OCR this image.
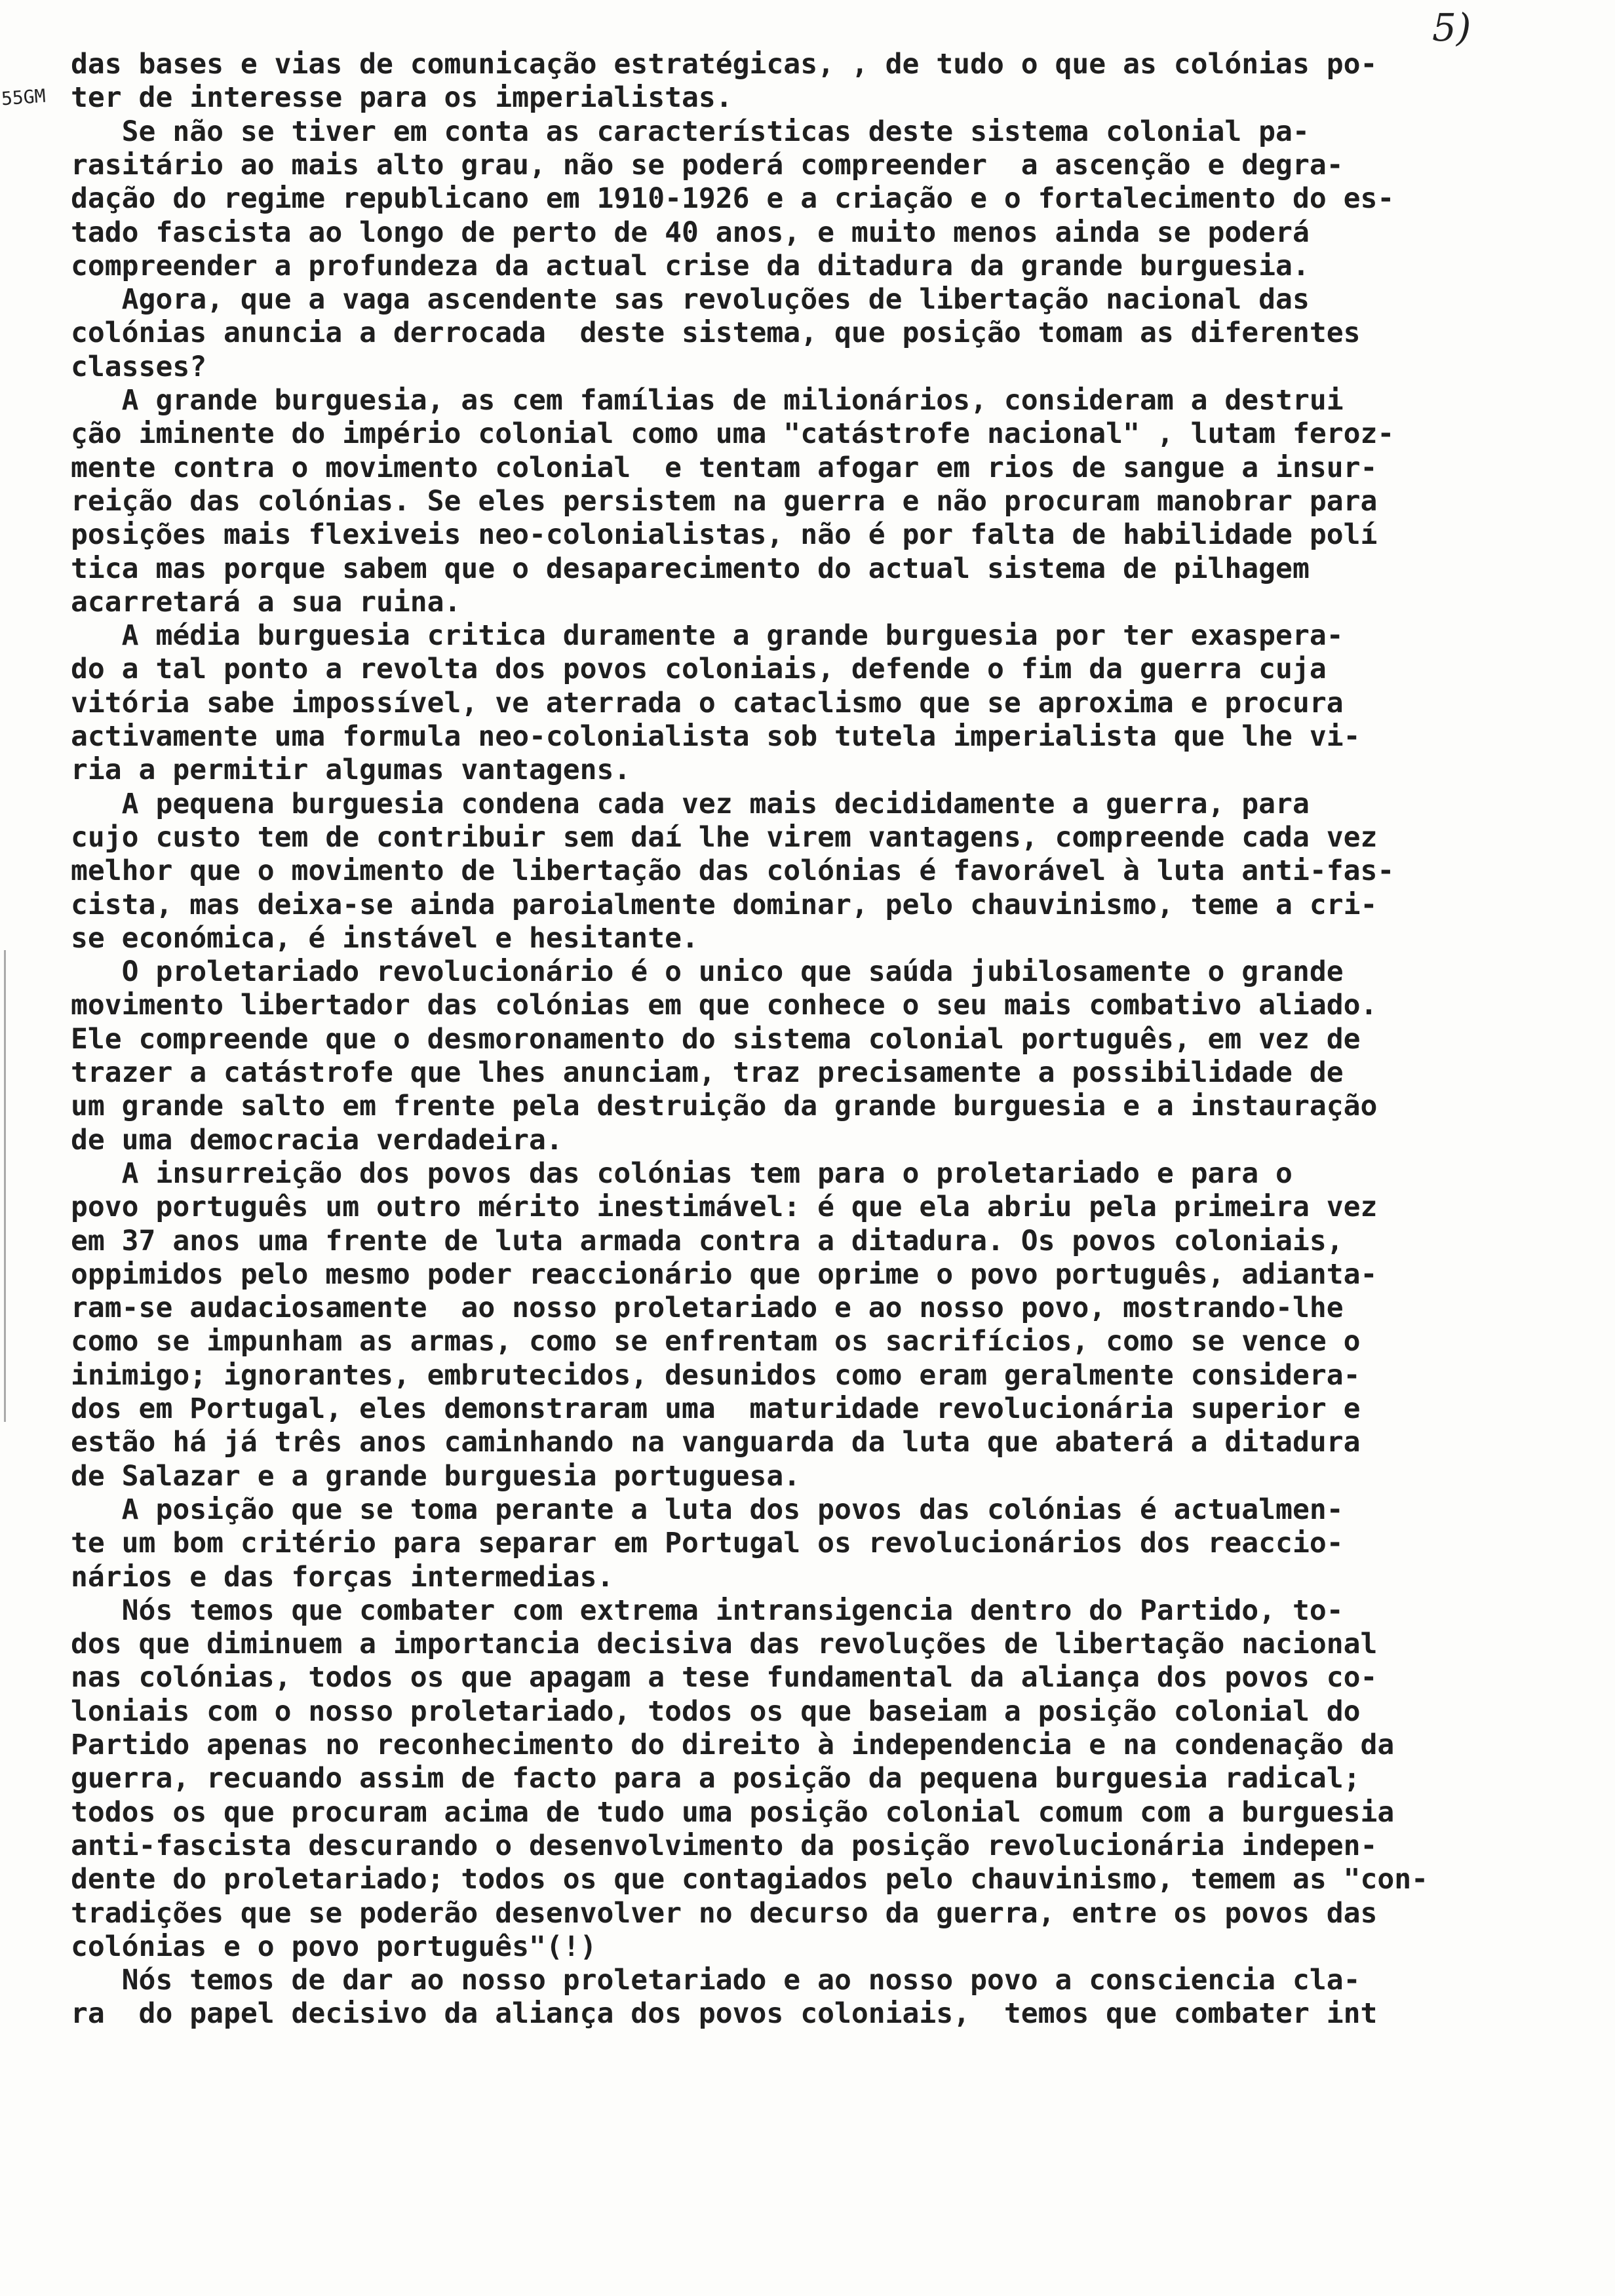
5)
55GM
das bases e vias de comunicação estratégicas, , de tudo o que as colónias po-
ter de interesse para os imperialistas.
Se não se tiver em conta as características deste sistema colonial pa-
rasitário ao mais alto grau, não se poderá compreender  a ascenção e degra-
dação do regime republicano em 1910-1926 e a criação e o fortalecimento do es-
tado fascista ao longo de perto de 40 anos, e muito menos ainda se poderá
compreender a profundeza da actual crise da ditadura da grande burguesia.
Agora, que a vaga ascendente sas revoluções de libertação nacional das
colónias anuncia a derrocada  deste sistema, que posição tomam as diferentes
classes?
A grande burguesia, as cem famílias de milionários, consideram a destrui
ção iminente do império colonial como uma "catástrofe nacional" , lutam feroz-
mente contra o movimento colonial  e tentam afogar em rios de sangue a insur-
reição das colónias. Se eles persistem na guerra e não procuram manobrar para
posições mais flexiveis neo-colonialistas, não é por falta de habilidade polí
tica mas porque sabem que o desaparecimento do actual sistema de pilhagem
acarretará a sua ruina.
A média burguesia critica duramente a grande burguesia por ter exaspera-
do a tal ponto a revolta dos povos coloniais, defende o fim da guerra cuja
vitória sabe impossível, ve aterrada o cataclismo que se aproxima e procura
activamente uma formula neo-colonialista sob tutela imperialista que lhe vi-
ria a permitir algumas vantagens.
A pequena burguesia condena cada vez mais decididamente a guerra, para
cujo custo tem de contribuir sem daí lhe virem vantagens, compreende cada vez
melhor que o movimento de libertação das colónias é favorável à luta anti-fas-
cista, mas deixa-se ainda paroialmente dominar, pelo chauvinismo, teme a cri-
se económica, é instável e hesitante.
O proletariado revolucionário é o unico que saúda jubilosamente o grande
movimento libertador das colónias em que conhece o seu mais combativo aliado.
Ele compreende que o desmoronamento do sistema colonial português, em vez de
trazer a catástrofe que lhes anunciam, traz precisamente a possibilidade de
um grande salto em frente pela destruição da grande burguesia e a instauração
de uma democracia verdadeira.
A insurreição dos povos das colónias tem para o proletariado e para o
povo português um outro mérito inestimável: é que ela abriu pela primeira vez
em 37 anos uma frente de luta armada contra a ditadura. Os povos coloniais,
oppimidos pelo mesmo poder reaccionário que oprime o povo português, adianta-
ram-se audaciosamente  ao nosso proletariado e ao nosso povo, mostrando-lhe
como se impunham as armas, como se enfrentam os sacrifícios, como se vence o
inimigo; ignorantes, embrutecidos, desunidos como eram geralmente considera-
dos em Portugal, eles demonstraram uma  maturidade revolucionária superior e
estão há já três anos caminhando na vanguarda da luta que abaterá a ditadura
de Salazar e a grande burguesia portuguesa.
A posição que se toma perante a luta dos povos das colónias é actualmen-
te um bom critério para separar em Portugal os revolucionários dos reaccio-
nários e das forças intermedias.
Nós temos que combater com extrema intransigencia dentro do Partido, to-
dos que diminuem a importancia decisiva das revoluções de libertação nacional
nas colónias, todos os que apagam a tese fundamental da aliança dos povos co-
loniais com o nosso proletariado, todos os que baseiam a posição colonial do
Partido apenas no reconhecimento do direito à independencia e na condenação da
guerra, recuando assim de facto para a posição da pequena burguesia radical;
todos os que procuram acima de tudo uma posição colonial comum com a burguesia
anti-fascista descurando o desenvolvimento da posição revolucionária indepen-
dente do proletariado; todos os que contagiados pelo chauvinismo, temem as "con-
tradições que se poderão desenvolver no decurso da guerra, entre os povos das
colónias e o povo português"(!)
Nós temos de dar ao nosso proletariado e ao nosso povo a consciencia cla-
ra  do papel decisivo da aliança dos povos coloniais,  temos que combater int
